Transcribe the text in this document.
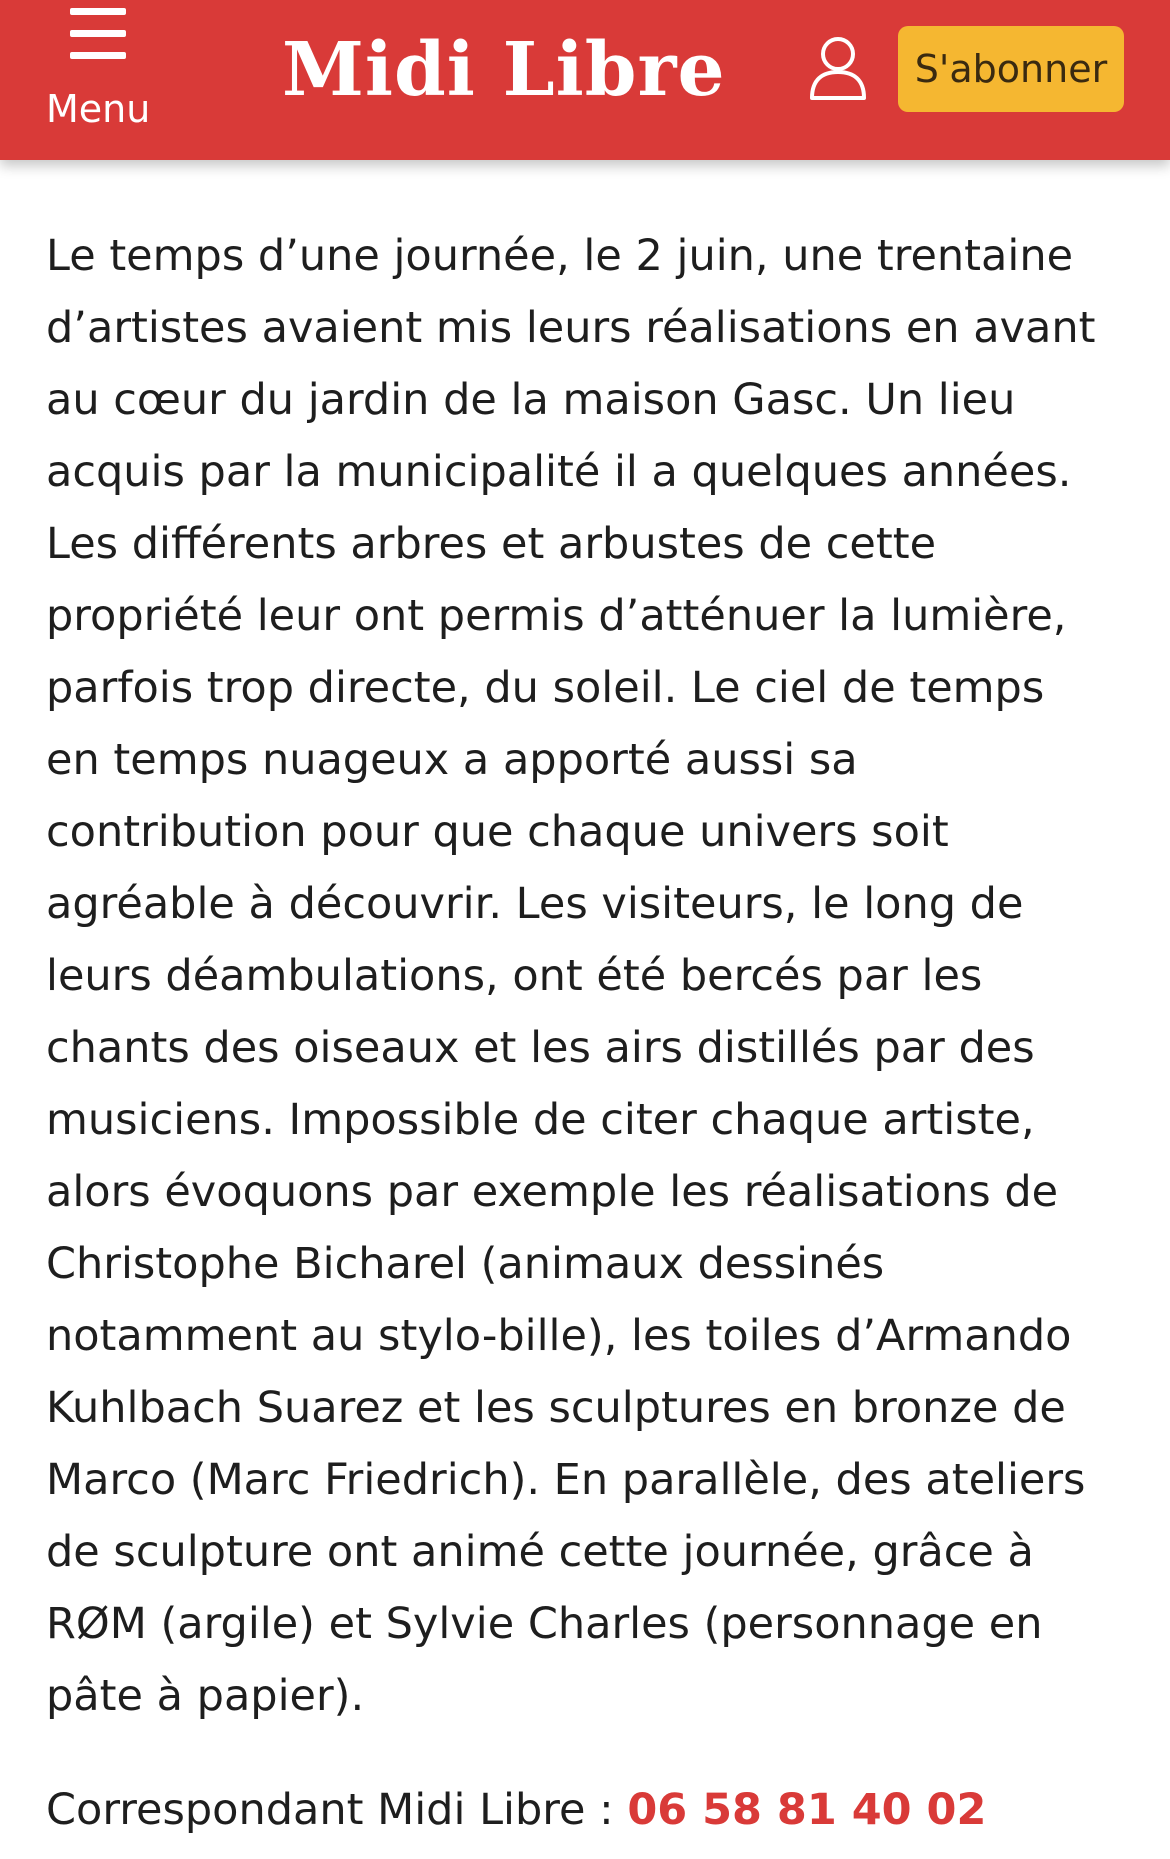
Menu Midi Libre	S'abonner
Le temps d’une journée, le 2 juin, une trentaine
d’artistes avaient mis leurs réalisations en avant
au cœur du jardin de la maison Gasc. Un lieu
acquis par la municipalité il a quelques années.
Les différents arbres et arbustes de cette
propriété leur ont permis d’atténuer la lumière,
parfois trop directe, du soleil. Le ciel de temps
en temps nuageux a apporté aussi sa
contribution pour que chaque univers soit
agréable à découvrir. Les visiteurs, le long de
leurs déambulations, ont été bercés par les
chants des oiseaux et les airs distillés par des
musiciens. Impossible de citer chaque artiste,
alors évoquons par exemple les réalisations de
Christophe Bicharel (animaux dessinés
notamment au stylo-bille), les toiles d’Armando
Kuhlbach Suarez et les sculptures en bronze de
Marco (Marc Friedrich). En parallèle, des ateliers
de sculpture ont animé cette journée, grâce à
RØM (argile) et Sylvie Charles (personnage en
pâte à papier).
Correspondant Midi Libre : 06 58 81 40 02
